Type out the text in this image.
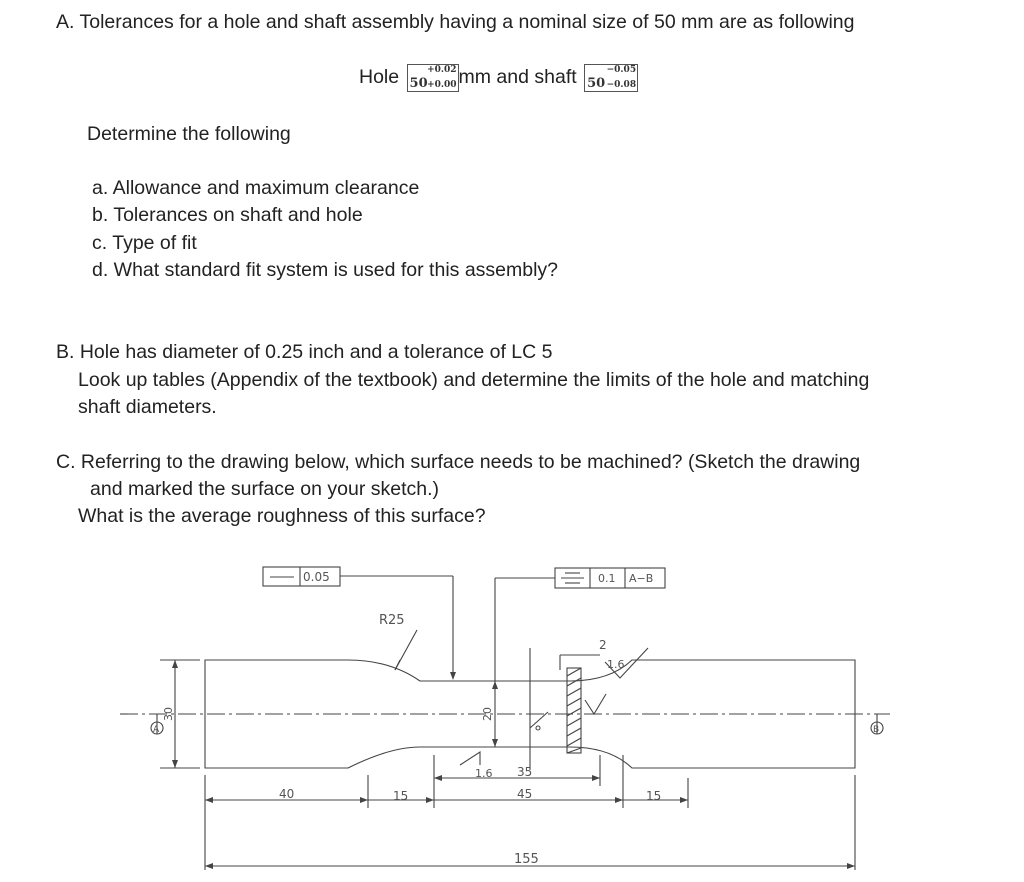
A. Tolerances for a hole and shaft assembly having a nominal size of 50 mm are as following
Hole 50
+0.02
+0.00 mm and shaft 50
−0.05
−0.08
Determine the following
a. Allowance and maximum clearance
b. Tolerances on shaft and hole
c. Type of fit
d. What standard fit system is used for this assembly?
B. Hole has diameter of 0.25 inch and a tolerance of LC 5
Look up tables (Appendix of the textbook) and determine the limits of the hole and matching
shaft diameters.
C. Referring to the drawing below, which surface needs to be machined? (Sketch the drawing
and marked the surface on your sketch.)
What is the average roughness of this surface?
0.05	0.1 A−B
R25
30	20
40	15
35
45	15
155
2
1.6
1.6
A	B
